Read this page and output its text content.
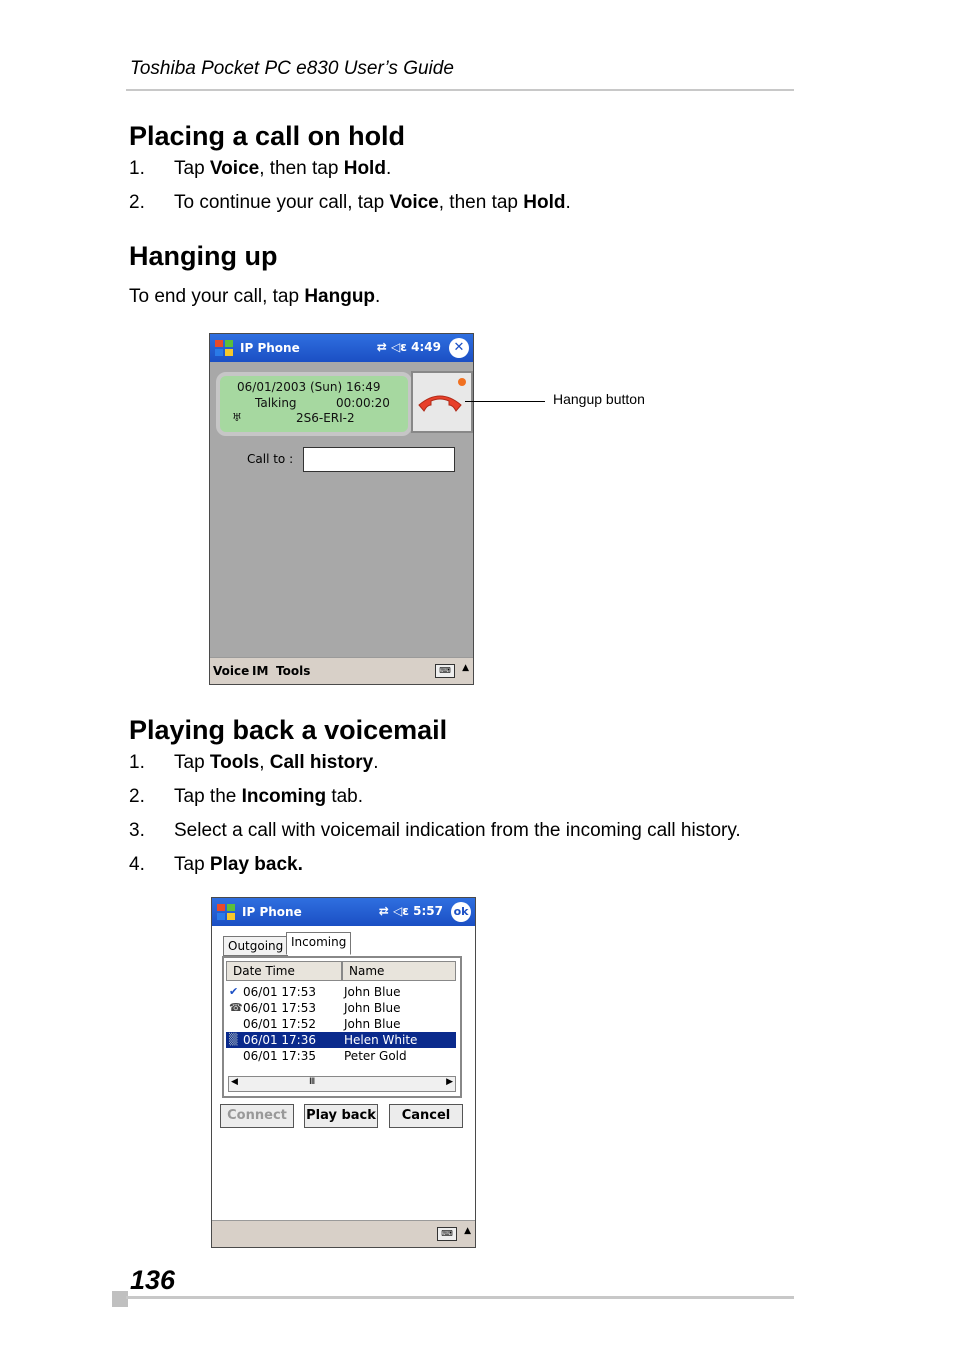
Toshiba Pocket PC e830 User’s Guide
Placing a call on hold
1. Tap Voice, then tap Hold.
2. To continue your call, tap Voice, then tap Hold.
Hanging up
To end your call, tap Hangup.
IP Phone	⇄ ◁ε 4:49 ✕
06/01/2003 (Sun) 16:49
Talking	00:00:20
♅	2S6-ERI-2
Call to :
Voice IM Tools	⌨	▲
Hangup button
Playing back a voicemail
1. Tap Tools, Call history.
2. Tap the Incoming tab.
3. Select a call with voicemail indication from the incoming call history.
4. Tap Play back.
IP Phone	⇄ ◁ε 5:57 ok
Outgoing Incoming
Date Time	Name
✔ 06/01 17:53 John Blue
☎ 06/01 17:53 John Blue
06/01 17:52 John Blue
▒ 06/01 17:36 Helen White
06/01 17:35 Peter Gold
◀	Ⅲ	▶
Connect	Play back	Cancel
⌨	▲
136
